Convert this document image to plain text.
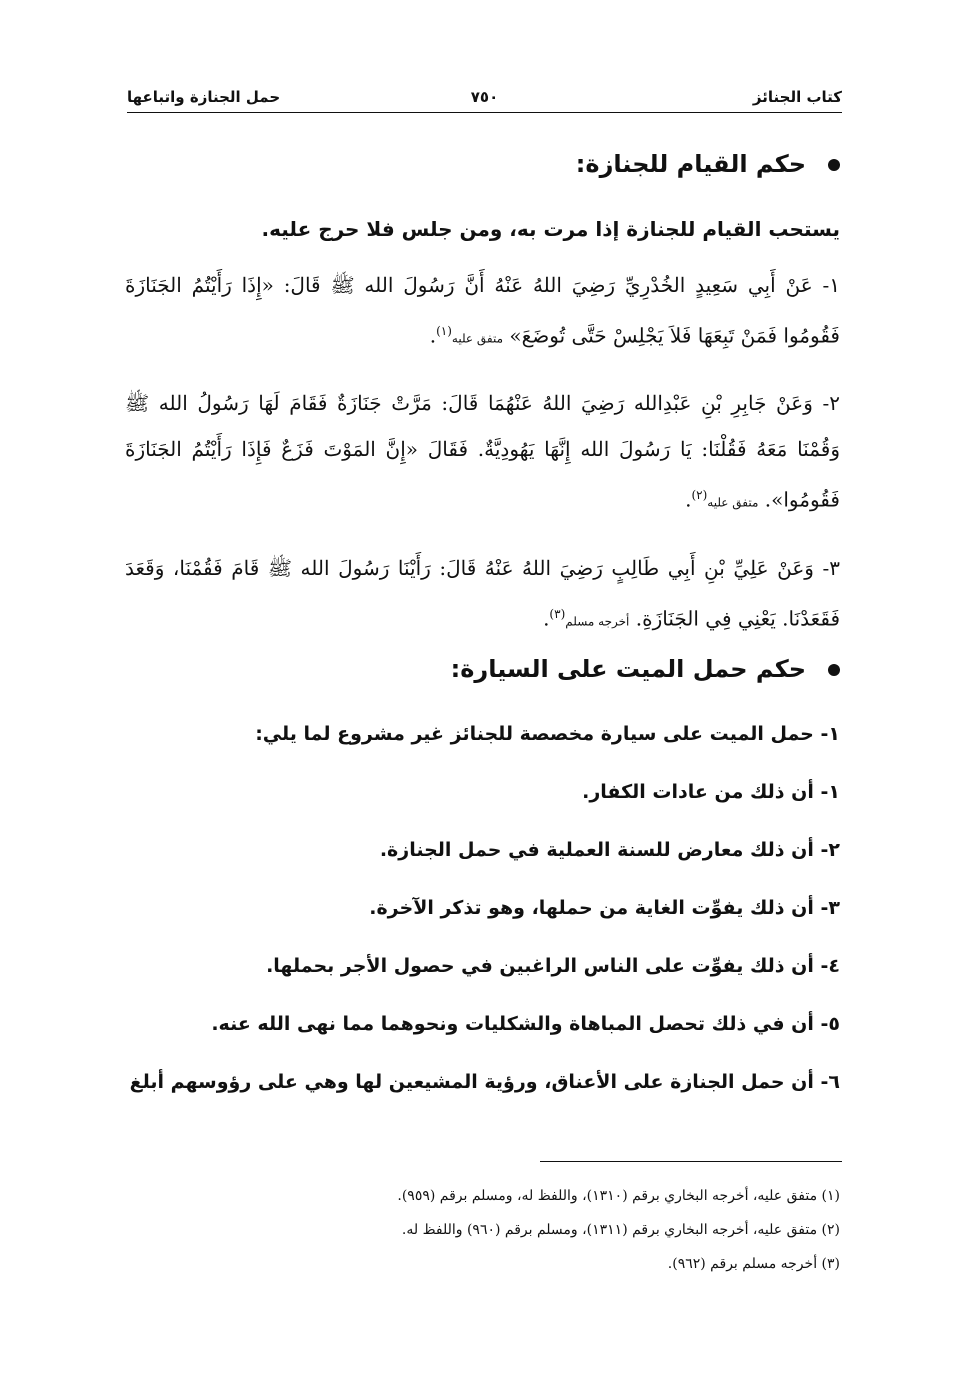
كتاب الجنائز
٧٥٠
حمل الجنازة واتباعها
حكم القيام للجنازة:
يستحب القيام للجنازة إذا مرت به، ومن جلس فلا حرج عليه.
١- عَنْ أَبِي سَعِيدٍ الخُدْرِيِّ رَضِيَ اللهُ عَنْهُ أَنَّ رَسُولَ الله ﷺ قَالَ: «إِذَا رَأَيْتُمُ الجَنَازَةَ فَقُومُوا فَمَنْ تَبِعَهَا فَلاَ يَجْلِسْ حَتَّى تُوضَعَ» متفق عليه$^{(١)}$.
٢- وَعَنْ جَابِرِ بْنِ عَبْدِالله رَضِيَ اللهُ عَنْهُمَا قَالَ: مَرَّتْ جَنَازَةٌ فَقَامَ لَهَا رَسُولُ الله ﷺ وَقُمْنَا مَعَهُ فَقُلْنَا: يَا رَسُولَ الله إِنَّهَا يَهُودِيَّةٌ. فَقَالَ «إِنَّ المَوْتَ فَزَعٌ فَإِذَا رَأَيْتُمُ الجَنَازَةَ فَقُومُوا». متفق عليه$^{(٢)}$.
٣- وَعَنْ عَلِيِّ بْنِ أَبِي طَالِبٍ رَضِيَ اللهُ عَنْهُ قَالَ: رَأَيْنَا رَسُولَ الله ﷺ قَامَ فَقُمْنَا، وَقَعَدَ فَقَعَدْنَا. يَعْنِي فِي الجَنَازَةِ. أخرجه مسلم$^{(٣)}$.
حكم حمل الميت على السيارة:
١- حمل الميت على سيارة مخصصة للجنائز غير مشروع لما يلي:
١- أن ذلك من عادات الكفار.
٢- أن ذلك معارض للسنة العملية في حمل الجنازة.
٣- أن ذلك يفوِّت الغاية من حملها، وهو تذكر الآخرة.
٤- أن ذلك يفوِّت على الناس الراغبين في حصول الأجر بحملها.
٥- أن في ذلك تحصل المباهاة والشكليات ونحوهما مما نهى الله عنه.
٦- أن حمل الجنازة على الأعناق، ورؤية المشيعين لها وهي على رؤوسهم أبلغ
(١) متفق عليه، أخرجه البخاري برقم (١٣١٠)، واللفظ له، ومسلم برقم (٩٥٩).
(٢) متفق عليه، أخرجه البخاري برقم (١٣١١)، ومسلم برقم (٩٦٠) واللفظ له.
(٣) أخرجه مسلم برقم (٩٦٢).
